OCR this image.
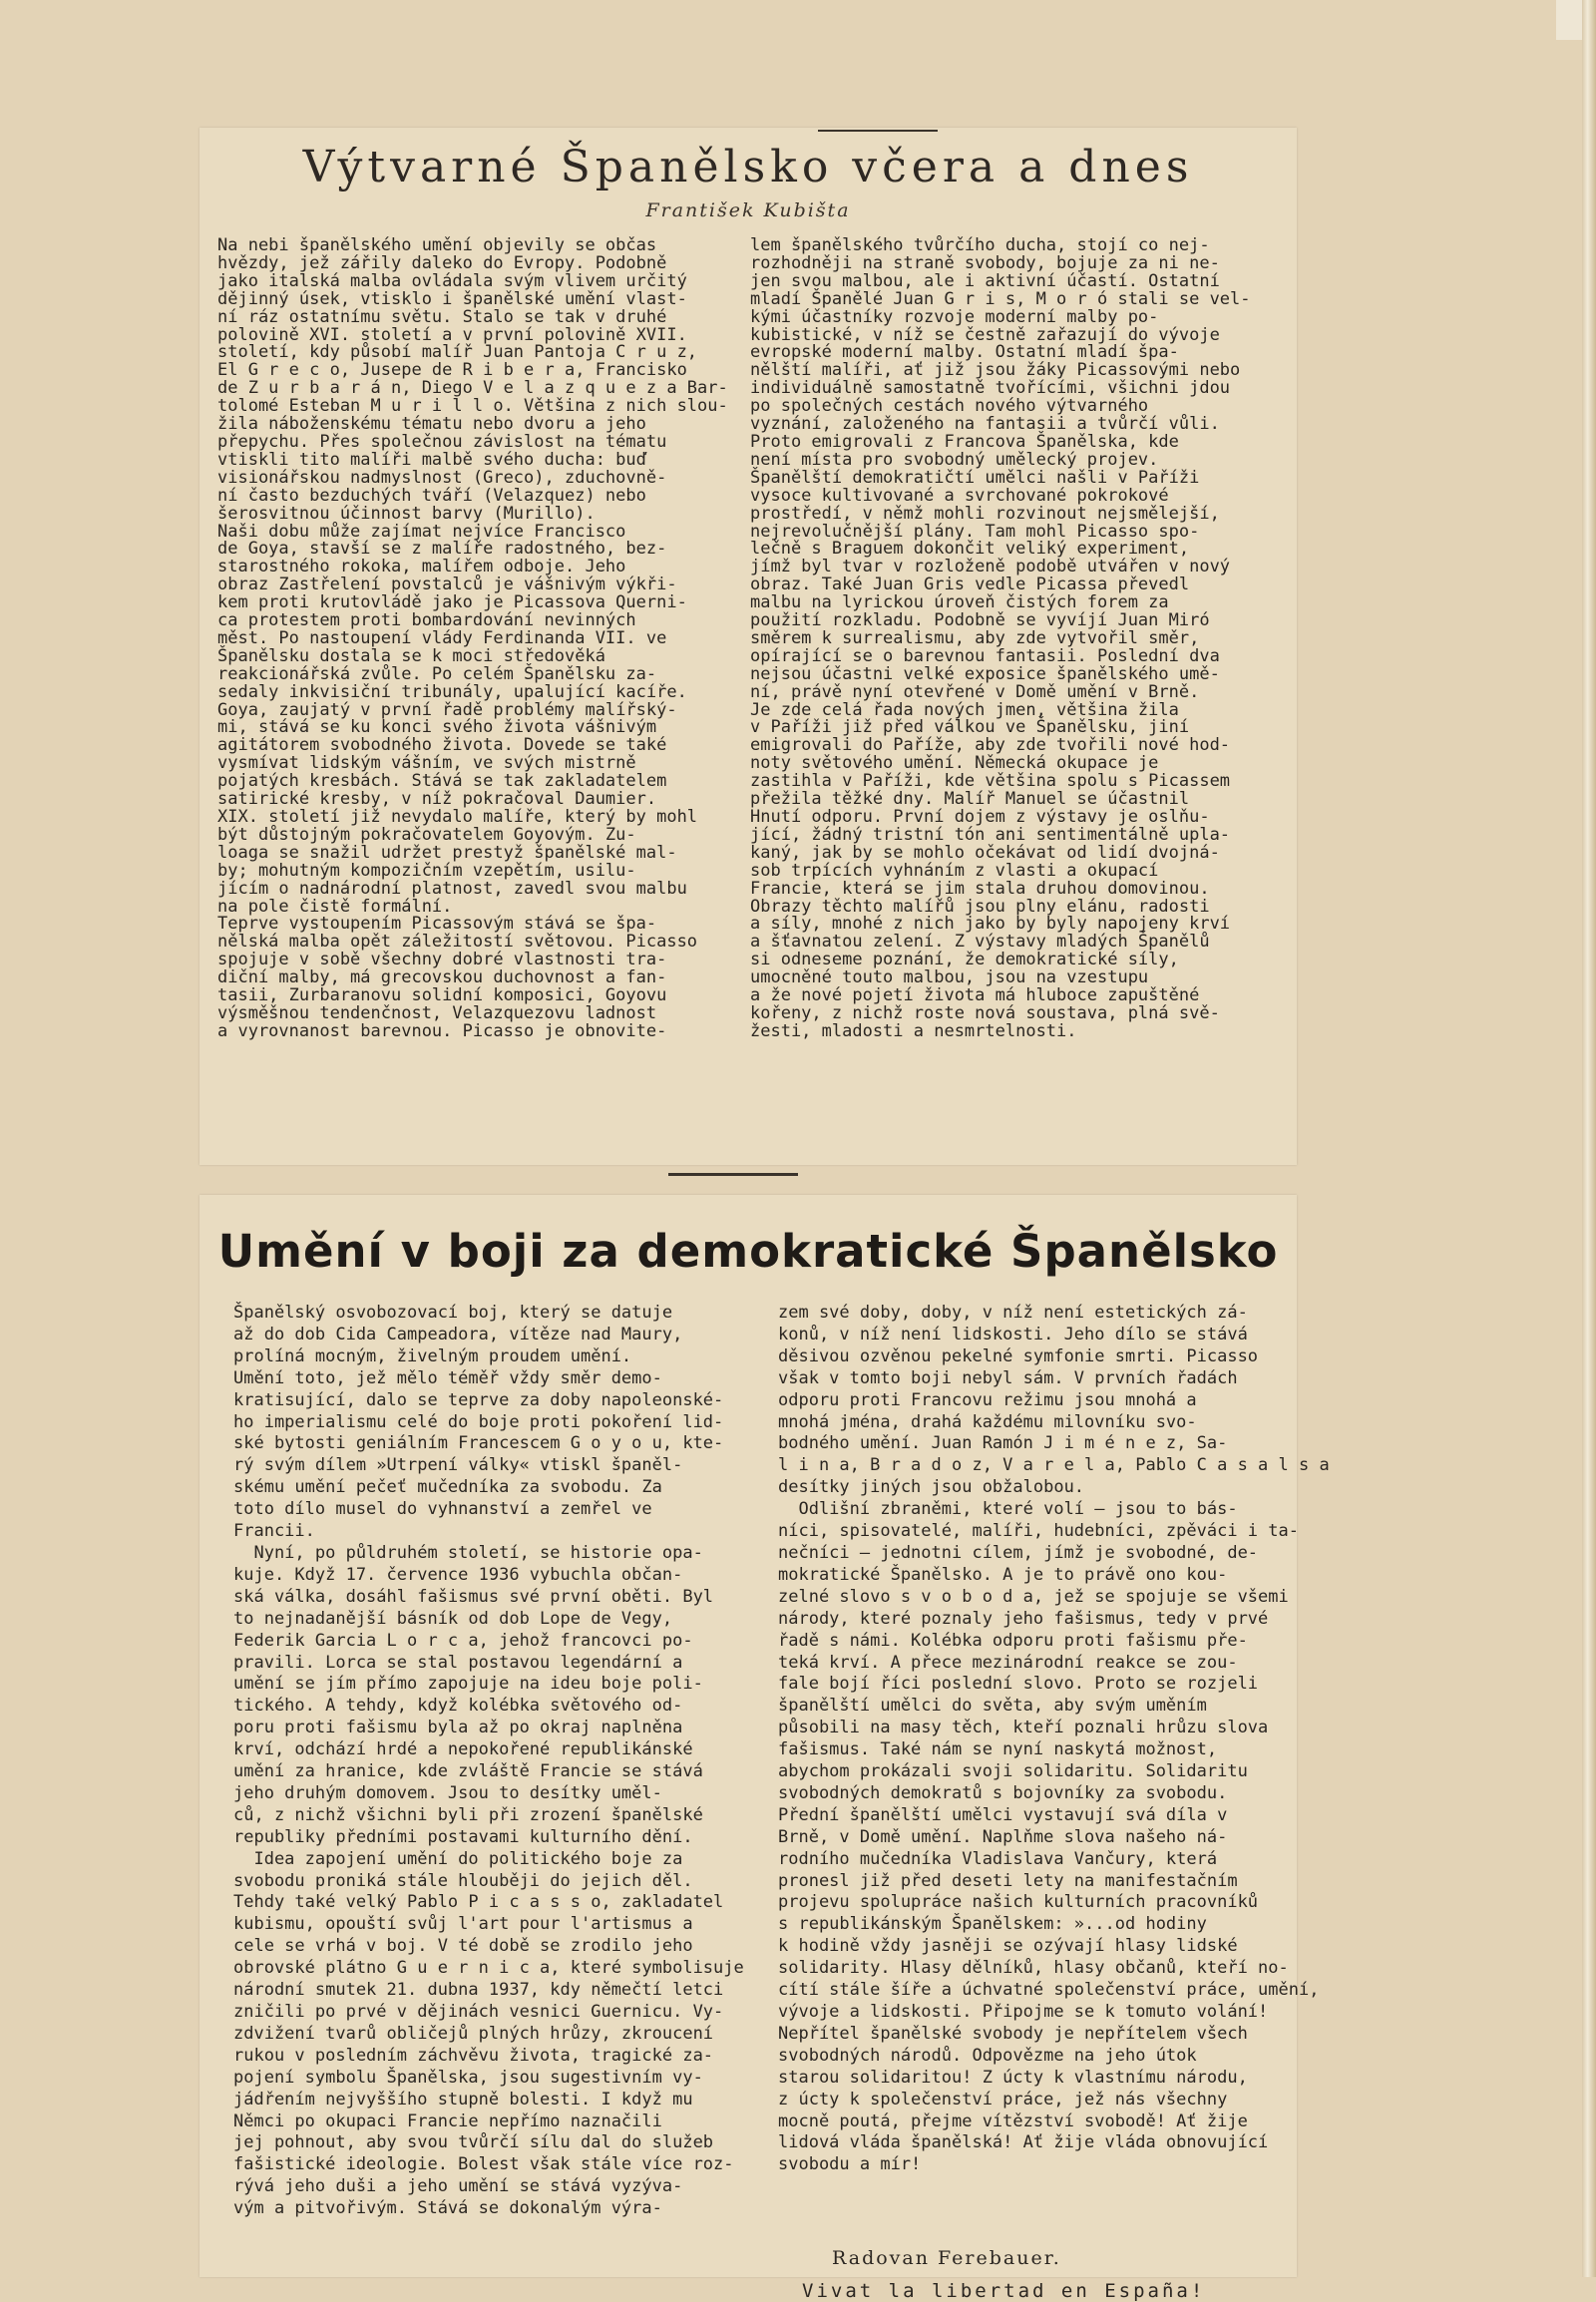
Výtvarné Španělsko včera a dnes
František Kubišta
Na nebi španělského umění objevily se občas
hvězdy, jež zářily daleko do Evropy. Podobně
jako italská malba ovládala svým vlivem určitý
dějinný úsek, vtisklo i španělské umění vlast-
ní ráz ostatnímu světu. Stalo se tak v druhé
polovině XVI. století a v první polovině XVII.
století, kdy působí malíř Juan Pantoja C r u z,
El G r e c o, Jusepe de R i b e r a, Francisko
de Z u r b a r á n, Diego V e l a z q u e z a Bar-
tolomé Esteban M u r i l l o. Většina z nich slou-
žila náboženskému tématu nebo dvoru a jeho
přepychu. Přes společnou závislost na tématu
vtiskli tito malíři malbě svého ducha: buď
visionářskou nadmyslnost (Greco), zduchovně-
ní často bezduchých tváří (Velazquez) nebo
šerosvitnou účinnost barvy (Murillo).
Naši dobu může zajímat nejvíce Francisco
de Goya, stavší se z malíře radostného, bez-
starostného rokoka, malířem odboje. Jeho
obraz Zastřelení povstalců je vášnivým výkři-
kem proti krutovládě jako je Picassova Querni-
ca protestem proti bombardování nevinných
měst. Po nastoupení vlády Ferdinanda VII. ve
Španělsku dostala se k moci středověká
reakcionářská zvůle. Po celém Španělsku za-
sedaly inkvisiční tribunály, upalující kacíře.
Goya, zaujatý v první řadě problémy malířský-
mi, stává se ku konci svého života vášnivým
agitátorem svobodného života. Dovede se také
vysmívat lidským vášním, ve svých mistrně
pojatých kresbách. Stává se tak zakladatelem
satirické kresby, v níž pokračoval Daumier.
XIX. století již nevydalo malíře, který by mohl
být důstojným pokračovatelem Goyovým. Zu-
loaga se snažil udržet prestyž španělské mal-
by; mohutným kompozičním vzepětím, usilu-
jícím o nadnárodní platnost, zavedl svou malbu
na pole čistě formální.
Teprve vystoupením Picassovým stává se špa-
nělská malba opět záležitostí světovou. Picasso
spojuje v sobě všechny dobré vlastnosti tra-
diční malby, má grecovskou duchovnost a fan-
tasii, Zurbaranovu solidní komposici, Goyovu
výsměšnou tendenčnost, Velazquezovu ladnost
a vyrovnanost barevnou. Picasso je obnovite-
lem španělského tvůrčího ducha, stojí co nej-
rozhodněji na straně svobody, bojuje za ni ne-
jen svou malbou, ale i aktivní účastí. Ostatní
mladí Španělé Juan G r i s, M o r ó stali se vel-
kými účastníky rozvoje moderní malby po-
kubistické, v níž se čestně zařazují do vývoje
evropské moderní malby. Ostatní mladí špa-
nělští malíři, ať již jsou žáky Picassovými nebo
individuálně samostatně tvořícími, všichni jdou
po společných cestách nového výtvarného
vyznání, založeného na fantasii a tvůrčí vůli.
Proto emigrovali z Francova Španělska, kde
není místa pro svobodný umělecký projev.
Španělští demokratičtí umělci našli v Paříži
vysoce kultivované a svrchované pokrokové
prostředí, v němž mohli rozvinout nejsmělejší,
nejrevolučnější plány. Tam mohl Picasso spo-
lečně s Braguem dokončit veliký experiment,
jímž byl tvar v rozloženě podobě utvářen v nový
obraz. Také Juan Gris vedle Picassa převedl
malbu na lyrickou úroveň čistých forem za
použití rozkladu. Podobně se vyvíjí Juan Miró
směrem k surrealismu, aby zde vytvořil směr,
opírající se o barevnou fantasii. Poslední dva
nejsou účastni velké exposice španělského umě-
ní, právě nyní otevřené v Domě umění v Brně.
Je zde celá řada nových jmen, většina žila
v Paříži již před válkou ve Španělsku, jiní
emigrovali do Paříže, aby zde tvořili nové hod-
noty světového umění. Německá okupace je
zastihla v Paříži, kde většina spolu s Picassem
přežila těžké dny. Malíř Manuel se účastnil
Hnutí odporu. První dojem z výstavy je oslňu-
jící, žádný tristní tón ani sentimentálně upla-
kaný, jak by se mohlo očekávat od lidí dvojná-
sob trpících vyhnáním z vlasti a okupací
Francie, která se jim stala druhou domovinou.
Obrazy těchto malířů jsou plny elánu, radosti
a síly, mnohé z nich jako by byly napojeny krví
a šťavnatou zelení. Z výstavy mladých Španělů
si odneseme poznání, že demokratické síly,
umocněné touto malbou, jsou na vzestupu
a že nové pojetí života má hluboce zapuštěné
kořeny, z nichž roste nová soustava, plná svě-
žesti, mladosti a nesmrtelnosti.
Umění v boji za demokratické Španělsko
Španělský osvobozovací boj, který se datuje
až do dob Cida Campeadora, vítěze nad Maury,
prolíná mocným, živelným proudem umění.
Umění toto, jež mělo téměř vždy směr demo-
kratisující, dalo se teprve za doby napoleonské-
ho imperialismu celé do boje proti pokoření lid-
ské bytosti geniálním Francescem G o y o u, kte-
rý svým dílem »Utrpení války« vtiskl španěl-
skému umění pečeť mučedníka za svobodu. Za
toto dílo musel do vyhnanství a zemřel ve
Francii.
Nyní, po půldruhém století, se historie opa-
kuje. Když 17. července 1936 vybuchla občan-
ská válka, dosáhl fašismus své první oběti. Byl
to nejnadanější básník od dob Lope de Vegy,
Federik Garcia L o r c a, jehož francovci po-
pravili. Lorca se stal postavou legendární a
umění se jím přímo zapojuje na ideu boje poli-
tického. A tehdy, když kolébka světového od-
poru proti fašismu byla až po okraj naplněna
krví, odchází hrdé a nepokořené republikánské
umění za hranice, kde zvláště Francie se stává
jeho druhým domovem. Jsou to desítky uměl-
ců, z nichž všichni byli při zrození španělské
republiky předními postavami kulturního dění.
Idea zapojení umění do politického boje za
svobodu proniká stále hlouběji do jejich děl.
Tehdy také velký Pablo P i c a s s o, zakladatel
kubismu, opouští svůj l'art pour l'artismus a
cele se vrhá v boj. V té době se zrodilo jeho
obrovské plátno G u e r n i c a, které symbolisuje
národní smutek 21. dubna 1937, kdy němečtí letci
zničili po prvé v dějinách vesnici Guernicu. Vy-
zdvižení tvarů obličejů plných hrůzy, zkroucení
rukou v posledním záchvěvu života, tragické za-
pojení symbolu Španělska, jsou sugestivním vy-
jádřením nejvyššího stupně bolesti. I když mu
Němci po okupaci Francie nepřímo naznačili
jej pohnout, aby svou tvůrčí sílu dal do služeb
fašistické ideologie. Bolest však stále více roz-
rývá jeho duši a jeho umění se stává vyzýva-
vým a pitvořivým. Stává se dokonalým výra-
zem své doby, doby, v níž není estetických zá-
konů, v níž není lidskosti. Jeho dílo se stává
děsivou ozvěnou pekelné symfonie smrti. Picasso
však v tomto boji nebyl sám. V prvních řadách
odporu proti Francovu režimu jsou mnohá a
mnohá jména, drahá každému milovníku svo-
bodného umění. Juan Ramón J i m é n e z, Sa-
l i n a, B r a d o z, V a r e l a, Pablo C a s a l s a
desítky jiných jsou obžalobou.
Odlišní zbraněmi, které volí — jsou to bás-
níci, spisovatelé, malíři, hudebníci, zpěváci i ta-
nečníci — jednotni cílem, jímž je svobodné, de-
mokratické Španělsko. A je to právě ono kou-
zelné slovo s v o b o d a, jež se spojuje se všemi
národy, které poznaly jeho fašismus, tedy v prvé
řadě s námi. Kolébka odporu proti fašismu pře-
teká krví. A přece mezinárodní reakce se zou-
fale bojí říci poslední slovo. Proto se rozjeli
španělští umělci do světa, aby svým uměním
působili na masy těch, kteří poznali hrůzu slova
fašismus. Také nám se nyní naskytá možnost,
abychom prokázali svoji solidaritu. Solidaritu
svobodných demokratů s bojovníky za svobodu.
Přední španělští umělci vystavují svá díla v
Brně, v Domě umění. Naplňme slova našeho ná-
rodního mučedníka Vladislava Vančury, která
pronesl již před deseti lety na manifestačním
projevu spolupráce našich kulturních pracovníků
s republikánským Španělskem: »...od hodiny
k hodině vždy jasněji se ozývají hlasy lidské
solidarity. Hlasy dělníků, hlasy občanů, kteří no-
cítí stále šíře a úchvatné společenství práce, umění,
vývoje a lidskosti. Připojme se k tomuto volání!
Nepřítel španělské svobody je nepřítelem všech
svobodných národů. Odpovězme na jeho útok
starou solidaritou! Z úcty k vlastnímu národu,
z úcty k společenství práce, jež nás všechny
mocně poutá, přejme vítězství svobodě! Ať žije
lidová vláda španělská! Ať žije vláda obnovující
svobodu a mír!
Vivat la libertad en España!
Radovan Ferebauer.
